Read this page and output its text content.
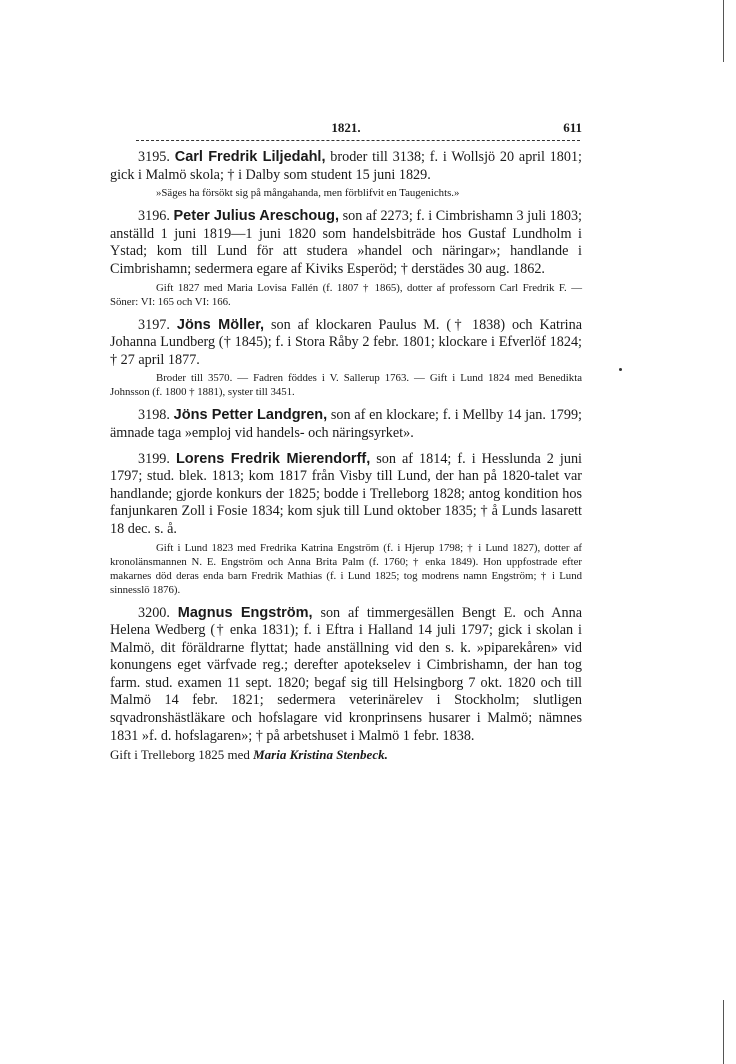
1821.	611
3195. Carl Fredrik Liljedahl, broder till 3138; f. i Wollsjö 20 april 1801; gick i Malmö skola; † i Dalby som student 15 juni 1829.
»Säges ha försökt sig på mångahanda, men förblifvit en Taugenichts.»
3196. Peter Julius Areschoug, son af 2273; f. i Cimbrishamn 3 juli 1803; anställd 1 juni 1819—1 juni 1820 som handelsbiträde hos Gustaf Lundholm i Ystad; kom till Lund för att studera »handel och näringar»; handlande i Cimbrishamn; sedermera egare af Kiviks Esperöd; † derstädes 30 aug. 1862.
Gift 1827 med Maria Lovisa Fallén (f. 1807 † 1865), dotter af professorn Carl Fredrik F. — Söner: VI: 165 och VI: 166.
3197. Jöns Möller, son af klockaren Paulus M. († 1838) och Katrina Johanna Lundberg († 1845); f. i Stora Råby 2 febr. 1801; klockare i Efverlöf 1824; † 27 april 1877.
Broder till 3570. — Fadren föddes i V. Sallerup 1763. — Gift i Lund 1824 med Benedikta Johnsson (f. 1800 † 1881), syster till 3451.
3198. Jöns Petter Landgren, son af en klockare; f. i Mellby 14 jan. 1799; ämnade taga »emploj vid handels- och näringsyrket».
3199. Lorens Fredrik Mierendorff, son af 1814; f. i Hesslunda 2 juni 1797; stud. blek. 1813; kom 1817 från Visby till Lund, der han på 1820-talet var handlande; gjorde konkurs der 1825; bodde i Trelleborg 1828; antog kondition hos fanjunkaren Zoll i Fosie 1834; kom sjuk till Lund oktober 1835; † å Lunds lasarett 18 dec. s. å.
Gift i Lund 1823 med Fredrika Katrina Engström (f. i Hjerup 1798; † i Lund 1827), dotter af kronolänsmannen N. E. Engström och Anna Brita Palm (f. 1760; † enka 1849). Hon uppfostrade efter makarnes död deras enda barn Fredrik Mathias (f. i Lund 1825; tog modrens namn Engström; † i Lund sinnesslö 1876).
3200. Magnus Engström, son af timmergesällen Bengt E. och Anna Helena Wedberg († enka 1831); f. i Eftra i Halland 14 juli 1797; gick i skolan i Malmö, dit föräldrarne flyttat; hade anställning vid den s. k. »piparekåren» vid konungens eget värfvade reg.; derefter apotekselev i Cimbrishamn, der han tog farm. stud. examen 11 sept. 1820; begaf sig till Helsingborg 7 okt. 1820 och till Malmö 14 febr. 1821; sedermera veterinärelev i Stockholm; slutligen sqvadronshästläkare och hofslagare vid kronprinsens husarer i Malmö; nämnes 1831 »f. d. hofslagaren»; † på arbetshuset i Malmö 1 febr. 1838.
Gift i Trelleborg 1825 med Maria Kristina Stenbeck.
